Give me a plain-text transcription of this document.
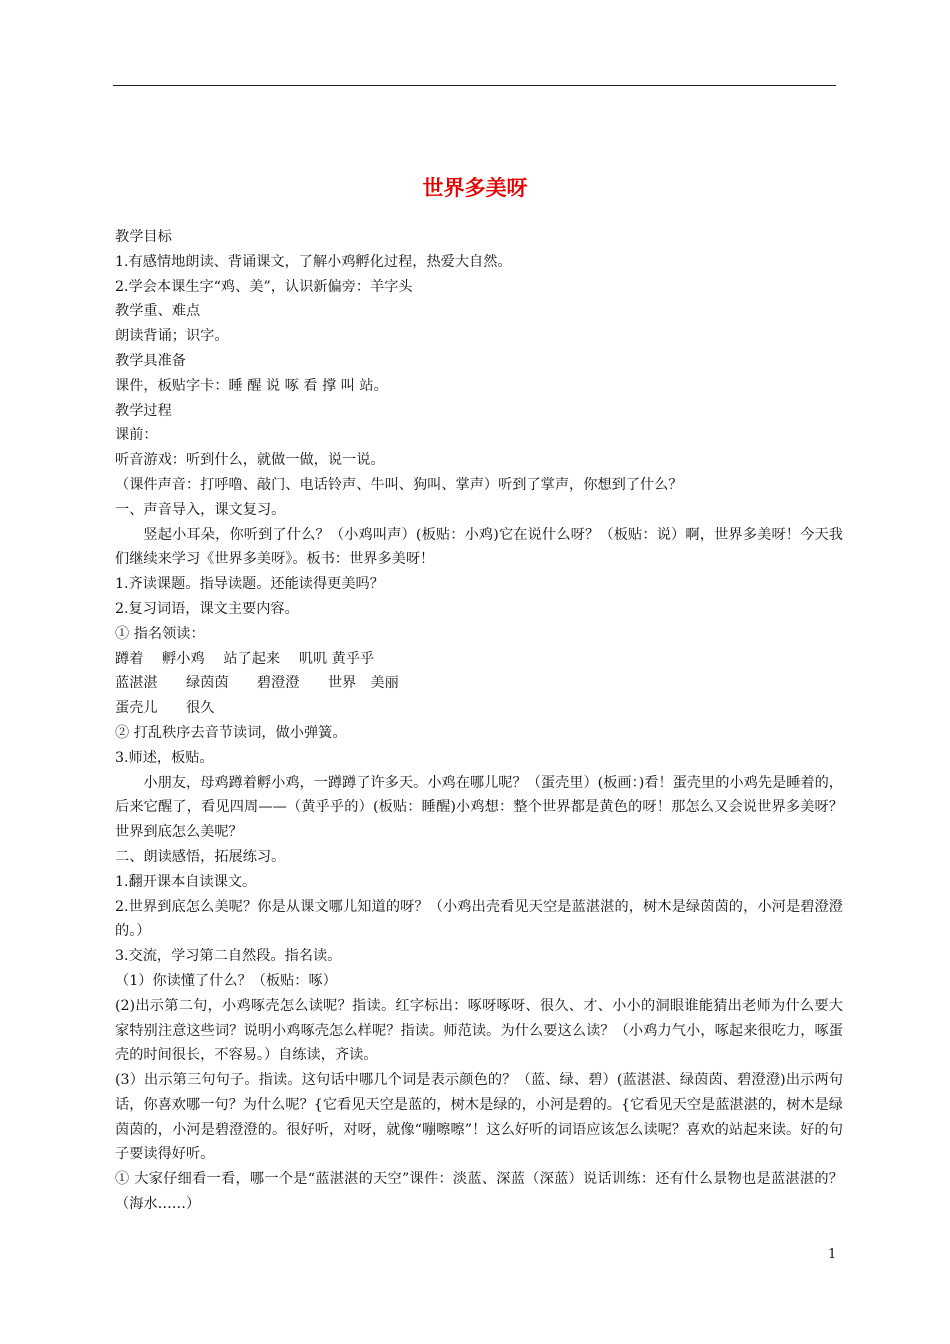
世界多美呀

教学目标

1.有感情地朗读、背诵课文，了解小鸡孵化过程，热爱大自然。

2.学会本课生字“鸡、美”，认识新偏旁：羊字头

教学重、难点

朗读背诵；识字。

教学具准备

课件，板贴字卡：睡 醒 说 啄 看 撑 叫 站。

教学过程

课前：

听音游戏：听到什么，就做一做，说一说。

（课件声音：打呼噜、敲门、电话铃声、牛叫、狗叫、掌声）听到了掌声，你想到了什么？

一、声音导入，课文复习。

竖起小耳朵，你听到了什么？（小鸡叫声）(板贴：小鸡)它在说什么呀？（板贴：说）啊，世界多美呀！今天我们继续来学习《世界多美呀》。板书：世界多美呀！

1.齐读课题。指导读题。还能读得更美吗？

2.复习词语，课文主要内容。

① 指名领读：

蹲着　 孵小鸡　 站了起来　 叽叽 黄乎乎

蓝湛湛　　绿茵茵　　碧澄澄　　世界　美丽

蛋壳儿　　很久

② 打乱秩序去音节读词，做小弹簧。

3.师述，板贴。

小朋友，母鸡蹲着孵小鸡，一蹲蹲了许多天。小鸡在哪儿呢？（蛋壳里）(板画：)看！蛋壳里的小鸡先是睡着的，后来它醒了，看见四周——（黄乎乎的）(板贴：睡醒)小鸡想：整个世界都是黄色的呀！那怎么又会说世界多美呀？世界到底怎么美呢？

二、朗读感悟，拓展练习。

1.翻开课本自读课文。

2.世界到底怎么美呢？你是从课文哪儿知道的呀？（小鸡出壳看见天空是蓝湛湛的，树木是绿茵茵的，小河是碧澄澄的。）

3.交流，学习第二自然段。指名读。

（1）你读懂了什么？（板贴：啄）

(2)出示第二句，小鸡啄壳怎么读呢？指读。红字标出：啄呀啄呀、很久、才、小小的洞眼谁能猜出老师为什么要大家特别注意这些词？说明小鸡啄壳怎么样呢？指读。师范读。为什么要这么读？（小鸡力气小，啄起来很吃力，啄蛋壳的时间很长，不容易。）自练读，齐读。

(3）出示第三句句子。指读。这句话中哪几个词是表示颜色的？（蓝、绿、碧）(蓝湛湛、绿茵茵、碧澄澄)出示两句话，你喜欢哪一句？为什么呢？{它看见天空是蓝的，树木是绿的，小河是碧的。{它看见天空是蓝湛湛的，树木是绿茵茵的，小河是碧澄澄的。很好听，对呀，就像“嘣嚓嚓”！这么好听的词语应该怎么读呢？喜欢的站起来读。好的句子要读得好听。

① 大家仔细看一看，哪一个是“蓝湛湛的天空”课件：淡蓝、深蓝（深蓝）说话训练：还有什么景物也是蓝湛湛的？（海水……）

1
